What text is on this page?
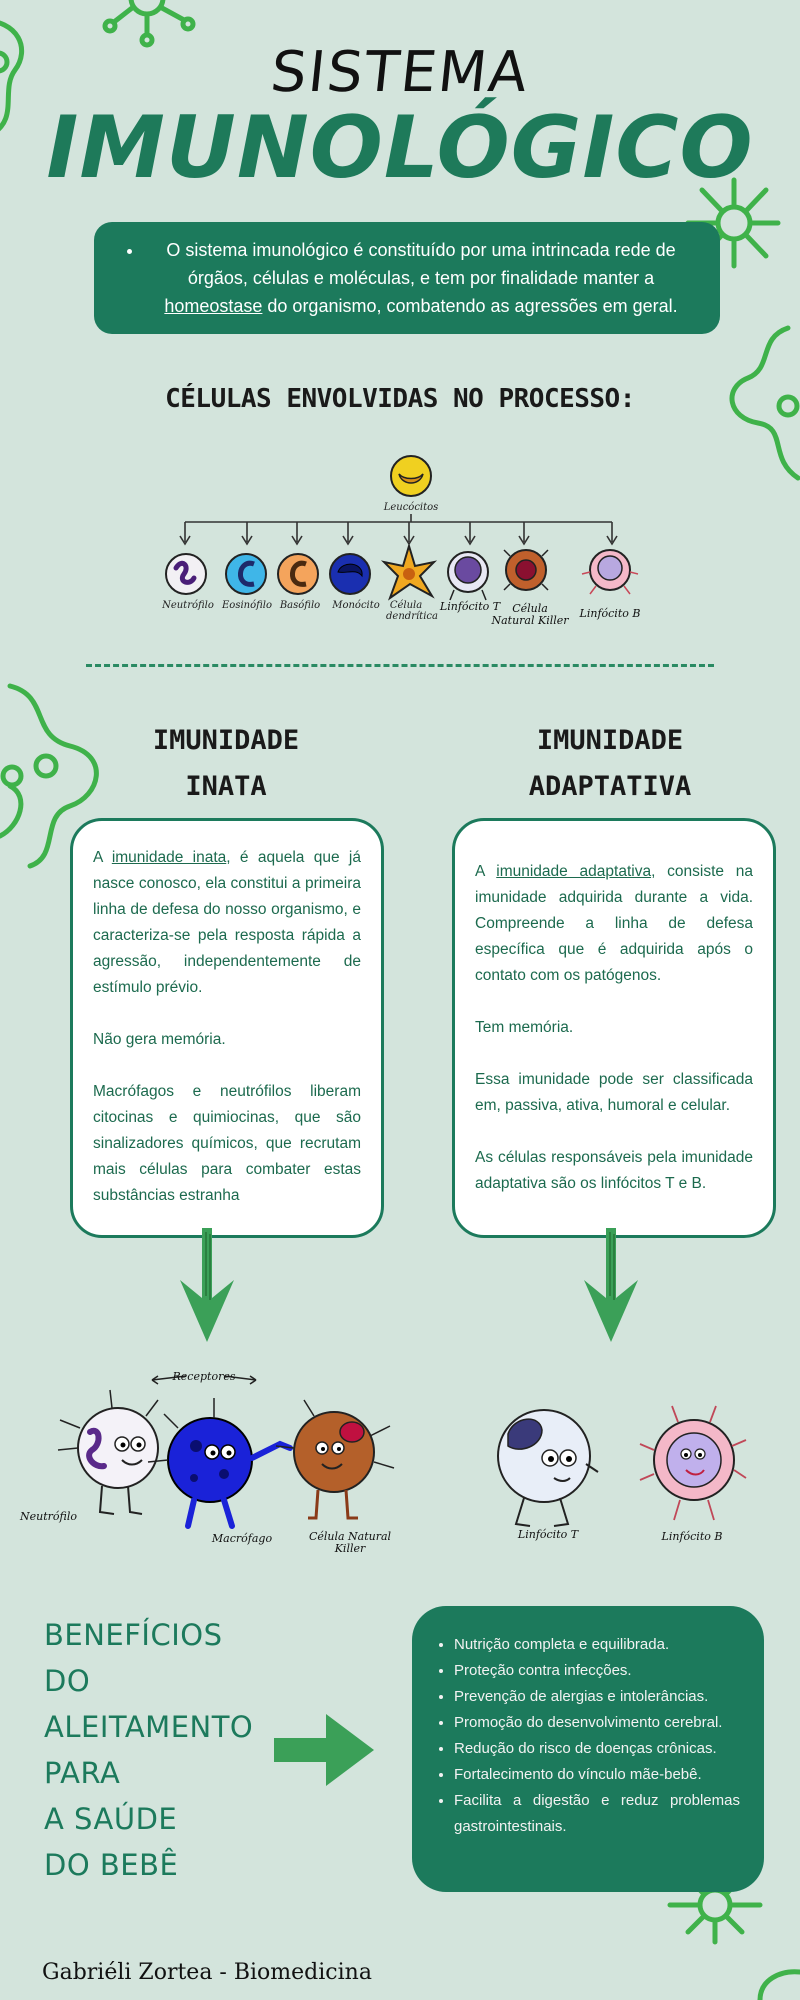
SISTEMA
IMUNOLÓGICO
• O sistema imunológico é constituído por uma intrincada rede de órgãos, células e moléculas, e tem por finalidade manter a homeostase do organismo, combatendo as agressões em geral.
CÉLULAS ENVOLVIDAS NO PROCESSO:
Leucócitos
Neutrófilo Eosinófilo Basófilo Monócito Célula
dendrítica
Linfócito T Célula
Natural Killer
Linfócito B
IMUNIDADE
INATA

A imunidade inata, é aquela que já nasce conosco, ela constitui a primeira linha de defesa do nosso organismo, e caracteriza-se pela resposta rápida a agressão, independentemente de estímulo prévio.

Não gera memória.

Macrófagos e neutrófilos liberam citocinas e quimiocinas, que são sinalizadores químicos, que recrutam mais células para combater estas substâncias estranha

IMUNIDADE
ADAPTATIVA

A imunidade adaptativa, consiste na imunidade adquirida durante a vida. Compreende a linha de defesa específica que é adquirida após o contato com os patógenos.

Tem memória.

Essa imunidade pode ser classificada em, passiva, ativa, humoral e celular.

As células responsáveis pela imunidade adaptativa são os linfócitos T e B.

Receptores
Neutrófilo
Macrófago	Célula Natural
Killer
Linfócito T	Linfócito B
BENEFÍCIOS
DO
ALEITAMENTO
PARA
A SAÚDE
DO BEBÊ
• Nutrição completa e equilibrada.
• Proteção contra infecções.
• Prevenção de alergias e intolerâncias.
• Promoção do desenvolvimento cerebral.
• Redução do risco de doenças crônicas.
• Fortalecimento do vínculo mãe-bebê.
• Facilita a digestão e reduz problemas gastrointestinais.
Gabriéli Zortea - Biomedicina
